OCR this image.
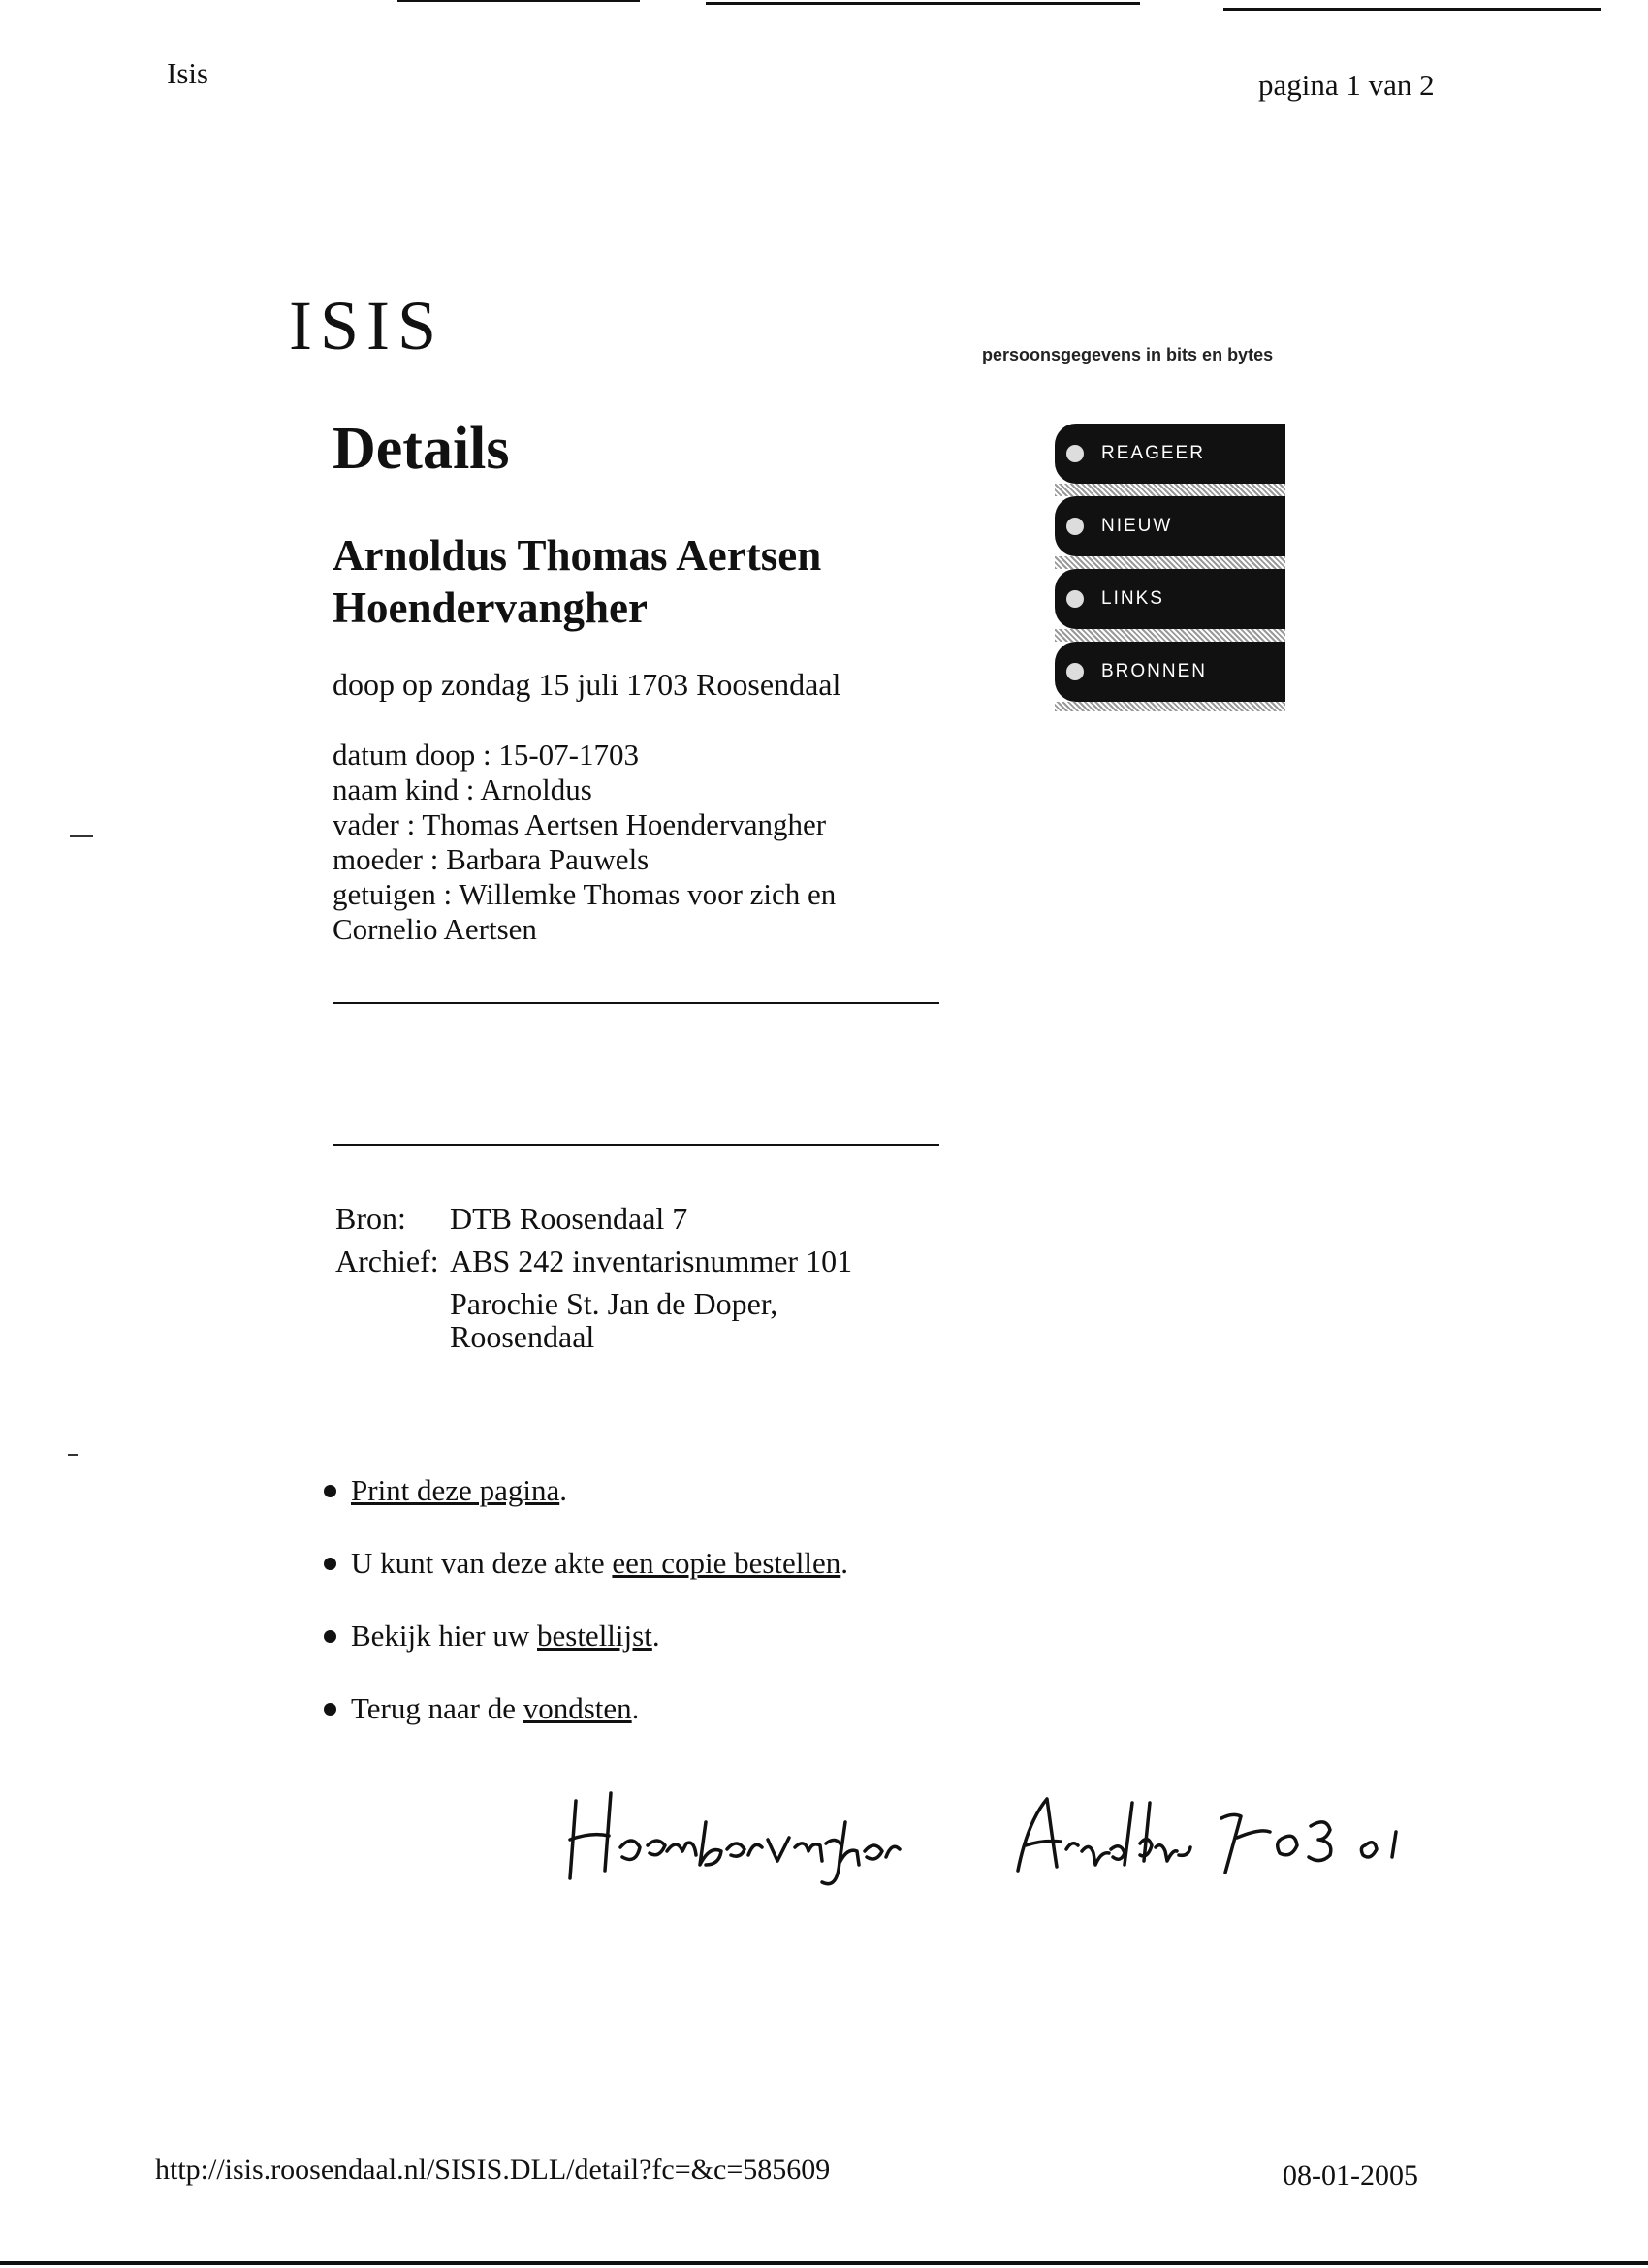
Isis	pagina 1 van 2
ISIS	persoonsgegevens in bits en bytes
REAGEER
NIEUW
LINKS
BRONNEN
Details
Arnoldus Thomas Aertsen
Hoendervangher
doop op zondag 15 juli 1703 Roosendaal
datum doop : 15-07-1703
naam kind : Arnoldus
vader : Thomas Aertsen Hoendervangher
moeder : Barbara Pauwels
getuigen : Willemke Thomas voor zich en
Cornelio Aertsen
Bron:	DTB Roosendaal 7
Archief:	ABS 242 inventarisnummer 101

	Parochie St. Jan de Doper,
Roosendaal
Print deze pagina .
U kunt van deze akte een copie bestellen .
Bekijk hier uw bestellijst .
Terug naar de vondsten .
Hoendervangher Arnoldus 1703 01
http://isis.roosendaal.nl/SISIS.DLL/detail?fc=&c=585609	08-01-2005
